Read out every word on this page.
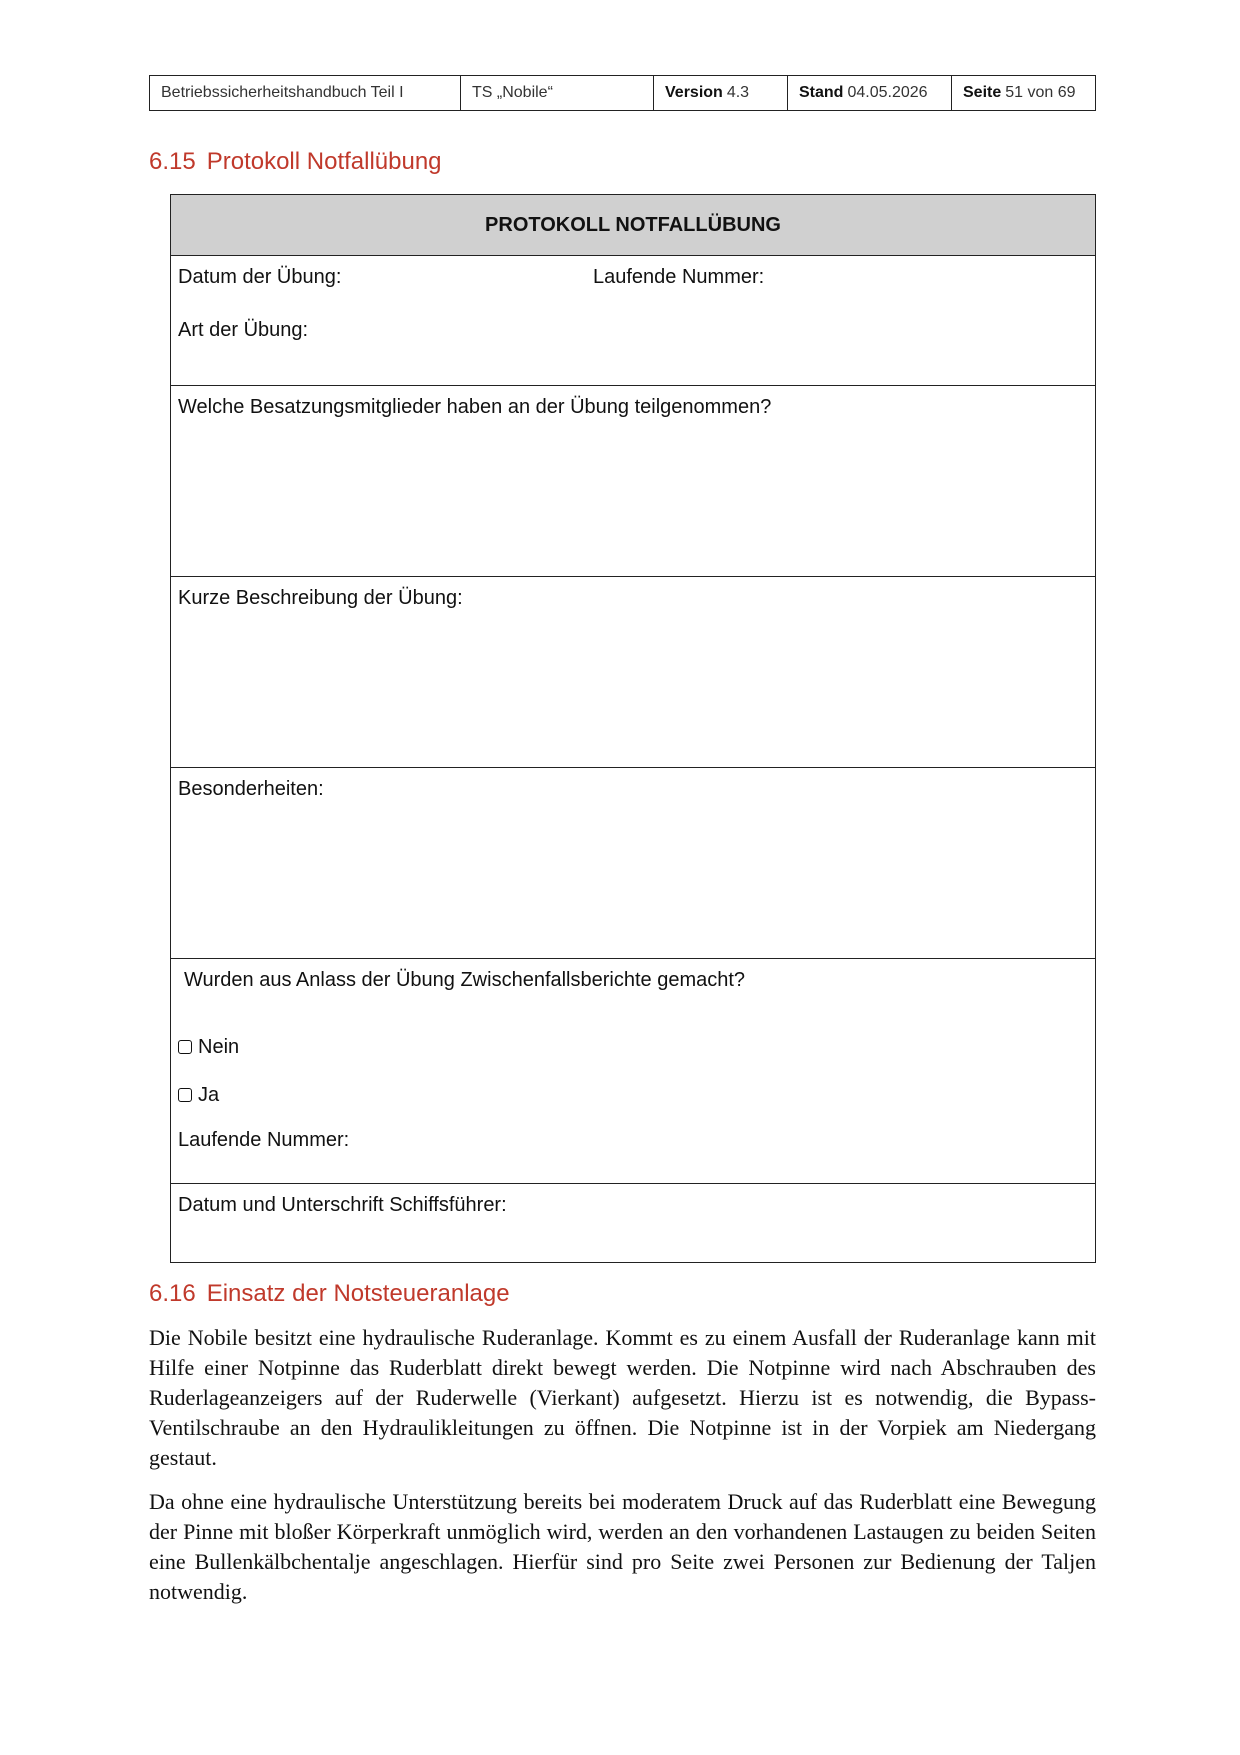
Betriebssicherheitshandbuch Teil I	TS „Nobile“	Version 4.3	Stand 04.05.2026 Seite 51 von 69
6.15 Protokoll Notfallübung
PROTOKOLL NOTFALLÜBUNG
Datum der Übung:	Laufende Nummer:
Art der Übung:
Welche Besatzungsmitglieder haben an der Übung teilgenommen?
Kurze Beschreibung der Übung:
Besonderheiten:
Wurden aus Anlass der Übung Zwischenfallsberichte gemacht?
Nein
Ja
Laufende Nummer:
Datum und Unterschrift Schiffsführer:
6.16 Einsatz der Notsteueranlage

Die Nobile besitzt eine hydraulische Ruderanlage. Kommt es zu einem Ausfall der Ruderanlage kann mit Hilfe einer Notpinne das Ruderblatt direkt bewegt werden. Die Notpinne wird nach Abschrauben des Ruderlageanzeigers auf der Ruderwelle (Vierkant) aufgesetzt. Hierzu ist es notwendig, die Bypass-Ventilschraube an den Hydraulikleitungen zu öffnen. Die Notpinne ist in der Vorpiek am Niedergang gestaut.

Da ohne eine hydraulische Unterstützung bereits bei moderatem Druck auf das Ruderblatt eine Bewegung der Pinne mit bloßer Körperkraft unmöglich wird, werden an den vorhandenen Lastaugen zu beiden Seiten eine Bullenkälbchentalje angeschlagen. Hierfür sind pro Seite zwei Personen zur Bedienung der Taljen notwendig.
